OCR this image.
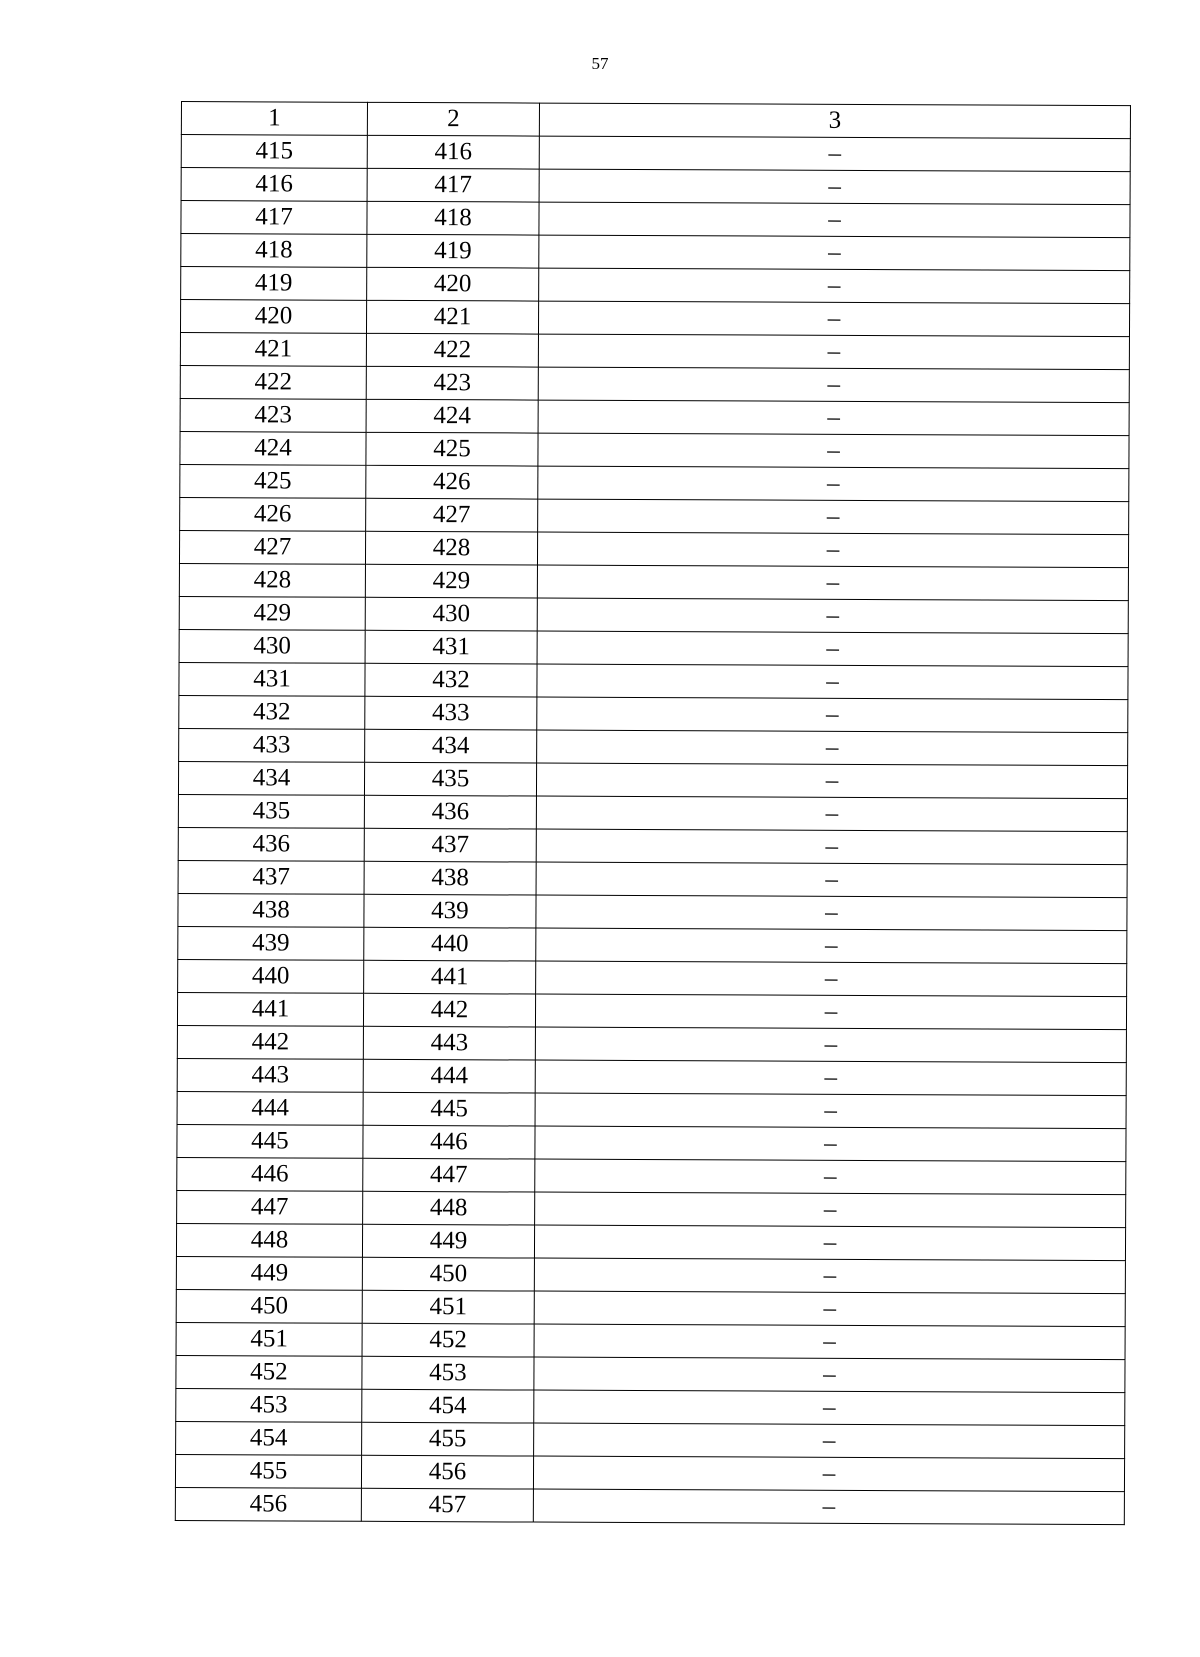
57
1	2	3
415	416	–
416	417	–
417	418	–
418	419	–
419	420	–
420	421	–
421	422	–
422	423	–
423	424	–
424	425	–
425	426	–
426	427	–
427	428	–
428	429	–
429	430	–
430	431	–
431	432	–
432	433	–
433	434	–
434	435	–
435	436	–
436	437	–
437	438	–
438	439	–
439	440	–
440	441	–
441	442	–
442	443	–
443	444	–
444	445	–
445	446	–
446	447	–
447	448	–
448	449	–
449	450	–
450	451	–
451	452	–
452	453	–
453	454	–
454	455	–
455	456	–
456	457	–
